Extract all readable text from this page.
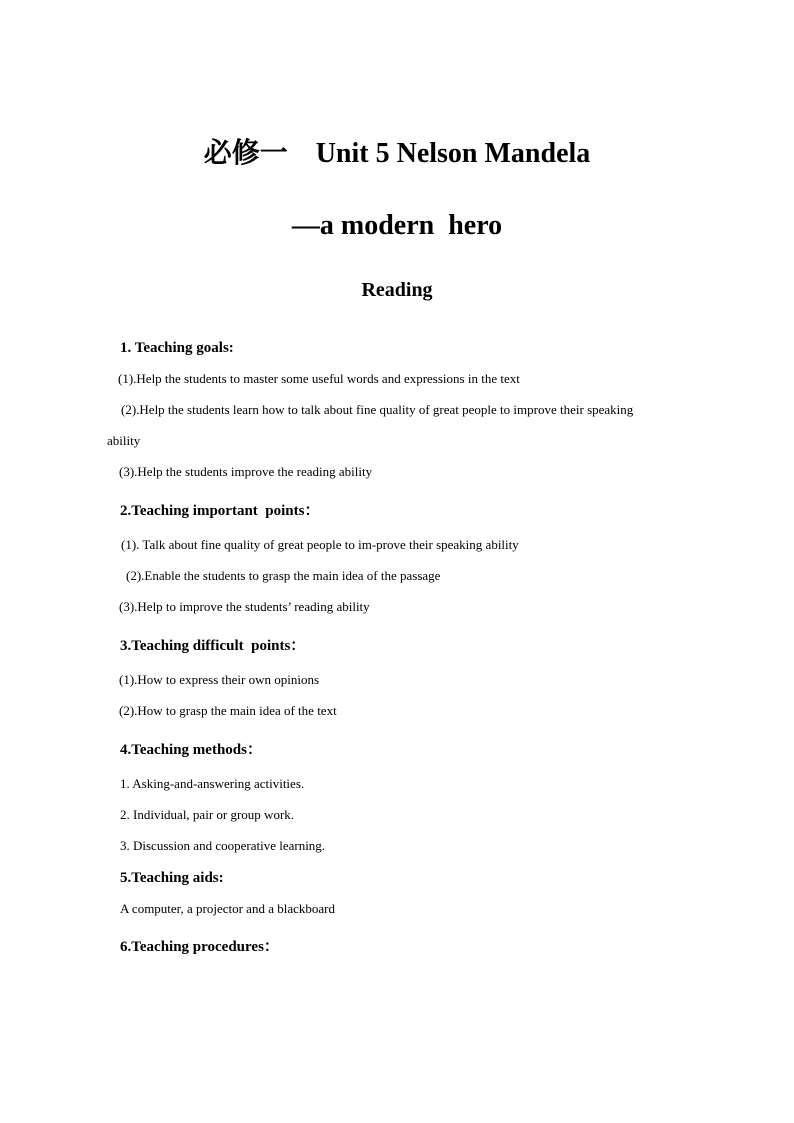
必修一    Unit 5 Nelson Mandela
—a modern  hero
Reading
1. Teaching goals:
(1).Help the students to master some useful words and expressions in the text
(2).Help the students learn how to talk about fine quality of great people to improve their speaking
ability
(3).Help the students improve the reading ability
2.Teaching important  points：
(1). Talk about fine quality of great people to im-prove their speaking ability
(2).Enable the students to grasp the main idea of the passage
(3).Help to improve the students’ reading ability
3.Teaching difficult  points：
(1).How to express their own opinions
(2).How to grasp the main idea of the text
4.Teaching methods：
1. Asking-and-answering activities.
2. Individual, pair or group work.
3. Discussion and cooperative learning.
5.Teaching aids:
A computer, a projector and a blackboard
6.Teaching procedures：
